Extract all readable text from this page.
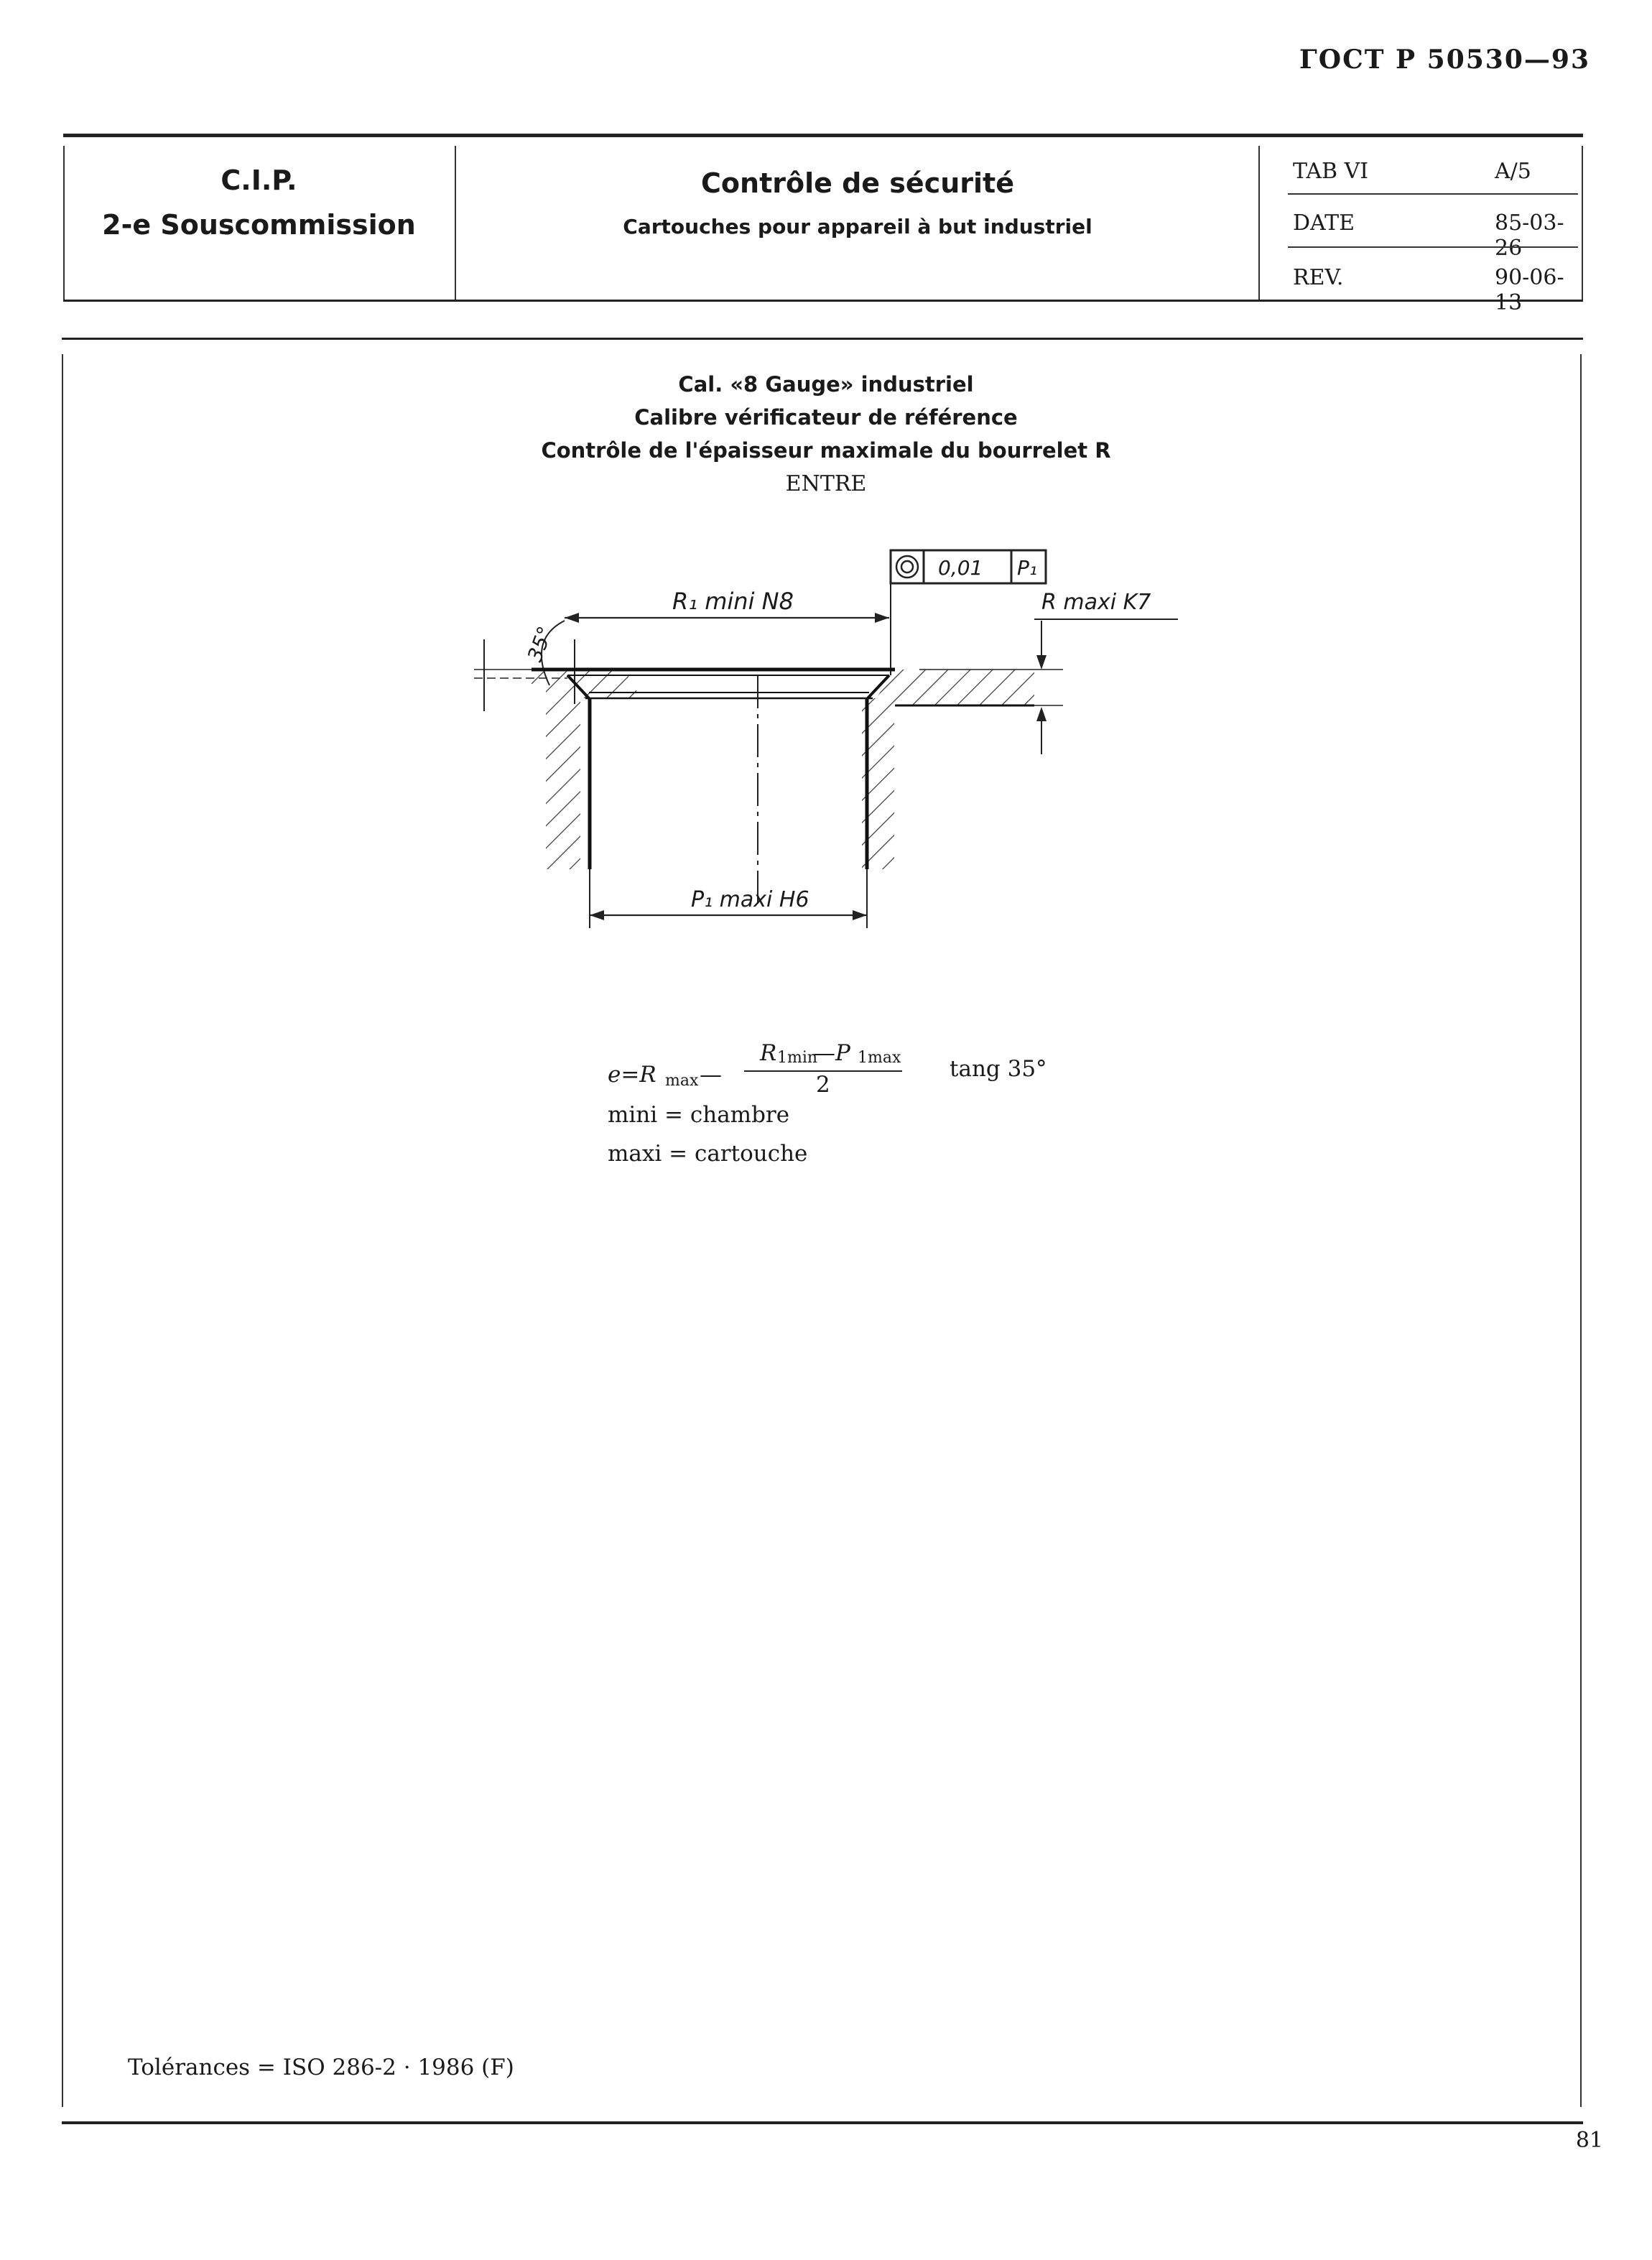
ГОСТ Р 50530—93
C.I.P.
2-e Souscommission
Contrôle de sécurité
Cartouches pour appareil à but industriel
TAB VI	A/5
DATE	85-03-26
REV.	90-06-13
Cal. «8 Gauge» industriel
Calibre vérificateur de référence
Contrôle de l'épaisseur maximale du bourrelet R
ENTRE
0,01 P₁
R₁ mini N8	R maxi K7
35°
P₁ maxi H6
e=R max —
R 1min
—P 1max
2
tang 35°
mini = chambre
maxi = cartouche
Tolérances = ISO 286-2 · 1986 (F)
81
